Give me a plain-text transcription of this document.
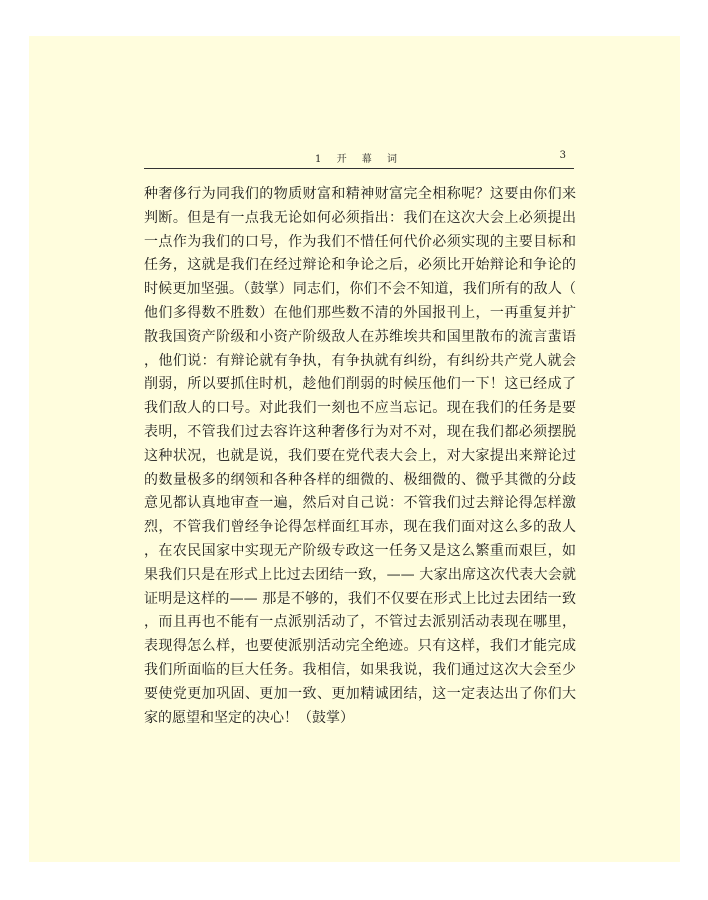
1 开 幕 词	3
种奢侈行为同我们的物质财富和精神财富完全相称呢？这要由你们来判断。但是有一点我无论如何必须指出：我们在这次大会上必须提出一点作为我们的口号，作为我们不惜任何代价必须实现的主要目标和任务，这就是我们在经过辩论和争论之后，必须比开始辩论和争论的时候更加坚强。（鼓掌）同志们，你们不会不知道，我们所有的敌人（他们多得数不胜数）在他们那些数不清的外国报刊上，一再重复并扩散我国资产阶级和小资产阶级敌人在苏维埃共和国里散布的流言蜚语，他们说：有辩论就有争执，有争执就有纠纷，有纠纷共产党人就会削弱，所以要抓住时机，趁他们削弱的时候压他们一下！这已经成了我们敌人的口号。对此我们一刻也不应当忘记。现在我们的任务是要表明，不管我们过去容许这种奢侈行为对不对，现在我们都必须摆脱这种状况，也就是说，我们要在党代表大会上，对大家提出来辩论过的数量极多的纲领和各种各样的细微的、极细微的、微乎其微的分歧意见都认真地审查一遍，然后对自己说：不管我们过去辩论得怎样激烈，不管我们曾经争论得怎样面红耳赤，现在我们面对这么多的敌人，在农民国家中实现无产阶级专政这一任务又是这么繁重而艰巨，如果我们只是在形式上比过去团结一致，—— 大家出席这次代表大会就证明是这样的—— 那是不够的，我们不仅要在形式上比过去团结一致，而且再也不能有一点派别活动了，不管过去派别活动表现在哪里，表现得怎么样，也要使派别活动完全绝迹。只有这样，我们才能完成我们所面临的巨大任务。我相信，如果我说，我们通过这次大会至少要使党更加巩固、更加一致、更加精诚团结，这一定表达出了你们大家的愿望和坚定的决心！（鼓掌）
